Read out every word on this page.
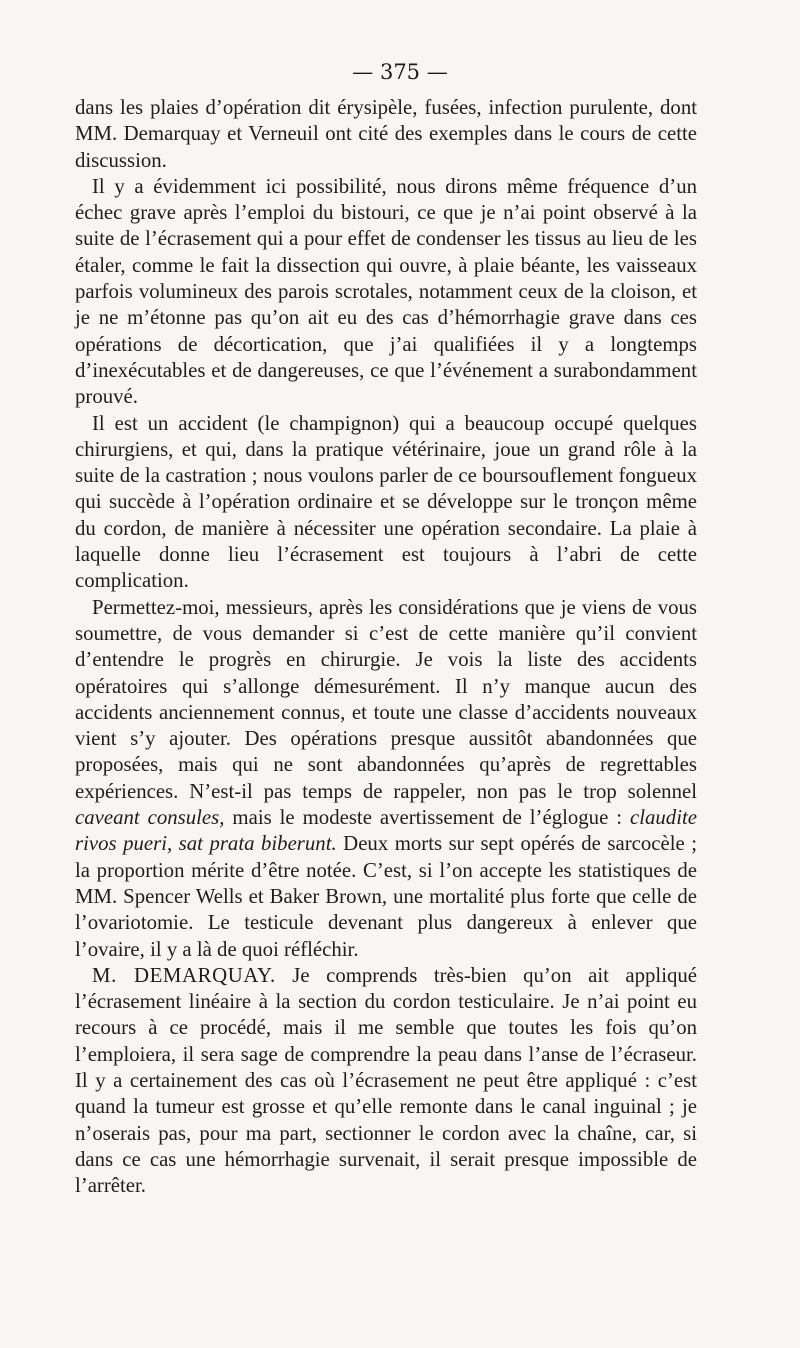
— 375 —

dans les plaies d’opération dit érysipèle, fusées, infection purulente, dont MM. Demarquay et Verneuil ont cité des exemples dans le cours de cette discussion.

Il y a évidemment ici possibilité, nous dirons même fréquence d’un échec grave après l’emploi du bistouri, ce que je n’ai point observé à la suite de l’écrasement qui a pour effet de condenser les tissus au lieu de les étaler, comme le fait la dissection qui ouvre, à plaie béante, les vaisseaux parfois volumineux des parois scrotales, notamment ceux de la cloison, et je ne m’étonne pas qu’on ait eu des cas d’hémorrhagie grave dans ces opérations de décortication, que j’ai qualifiées il y a longtemps d’inexécutables et de dangereuses, ce que l’événement a surabondamment prouvé.

Il est un accident (le champignon) qui a beaucoup occupé quelques chirurgiens, et qui, dans la pratique vétérinaire, joue un grand rôle à la suite de la castration ; nous voulons parler de ce boursouflement fongueux qui succède à l’opération ordinaire et se développe sur le tronçon même du cordon, de manière à nécessiter une opération secondaire. La plaie à laquelle donne lieu l’écrasement est toujours à l’abri de cette complication.

Permettez-moi, messieurs, après les considérations que je viens de vous soumettre, de vous demander si c’est de cette manière qu’il convient d’entendre le progrès en chirurgie. Je vois la liste des accidents opératoires qui s’allonge démesurément. Il n’y manque aucun des accidents anciennement connus, et toute une classe d’accidents nouveaux vient s’y ajouter. Des opérations presque aussitôt abandonnées que proposées, mais qui ne sont abandonnées qu’après de regrettables expériences. N’est-il pas temps de rappeler, non pas le trop solennel caveant consules, mais le modeste avertissement de l’églogue : claudite rivos pueri, sat prata biberunt. Deux morts sur sept opérés de sarcocèle ; la proportion mérite d’être notée. C’est, si l’on accepte les statistiques de MM. Spencer Wells et Baker Brown, une mortalité plus forte que celle de l’ovariotomie. Le testicule devenant plus dangereux à enlever que l’ovaire, il y a là de quoi réfléchir.

M. DEMARQUAY. Je comprends très-bien qu’on ait appliqué l’écrasement linéaire à la section du cordon testiculaire. Je n’ai point eu recours à ce procédé, mais il me semble que toutes les fois qu’on l’emploiera, il sera sage de comprendre la peau dans l’anse de l’écraseur. Il y a certainement des cas où l’écrasement ne peut être appliqué : c’est quand la tumeur est grosse et qu’elle remonte dans le canal inguinal ; je n’oserais pas, pour ma part, sectionner le cordon avec la chaîne, car, si dans ce cas une hémorrhagie survenait, il serait presque impossible de l’arrêter.
